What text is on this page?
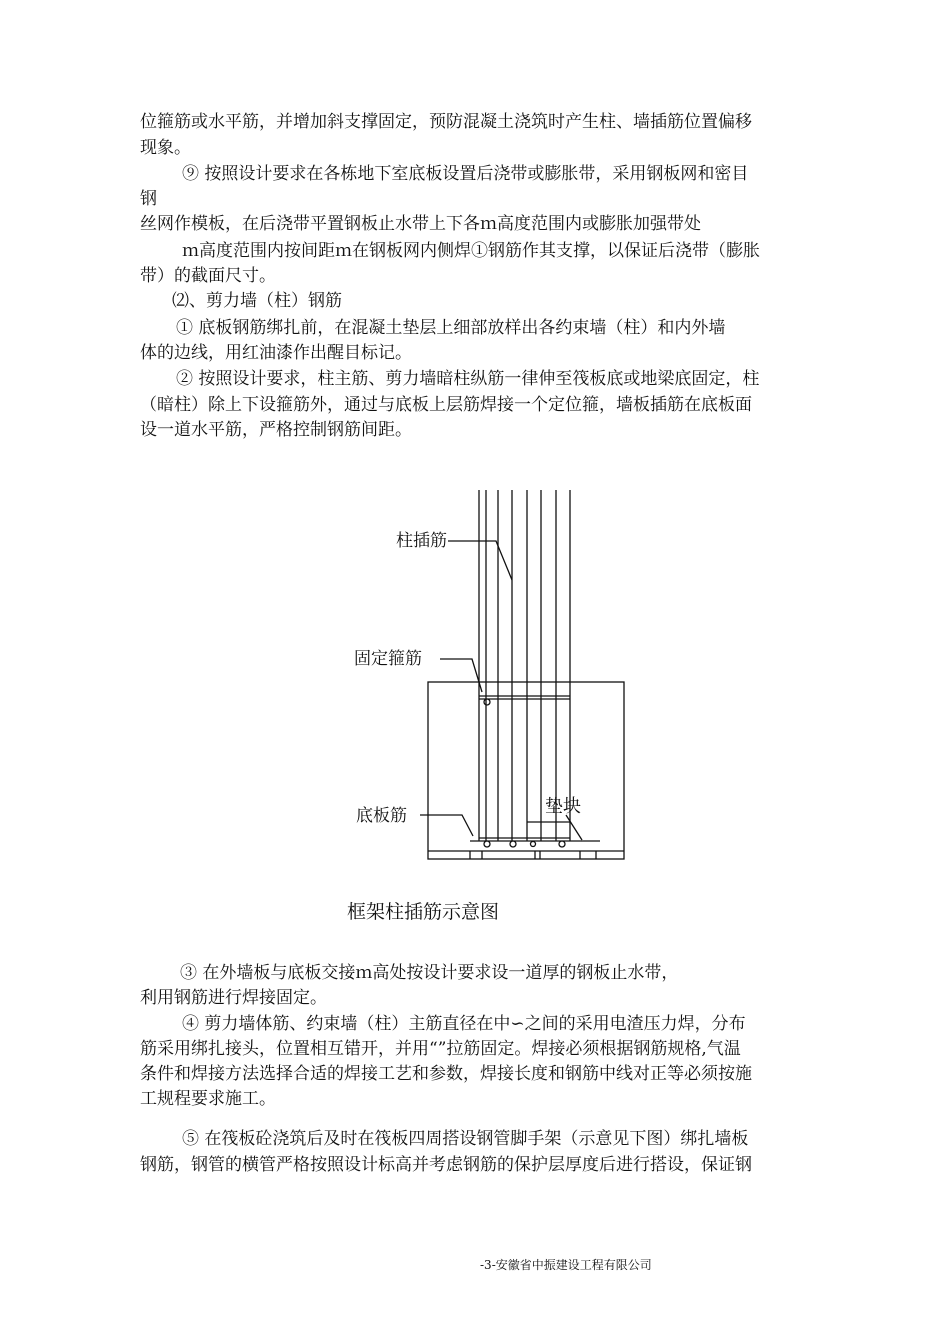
位箍筋或水平筋，并增加斜支撑固定，预防混凝土浇筑时产生柱、墙插筋位置偏移
现象。
⑨ 按照设计要求在各栋地下室底板设置后浇带或膨胀带，采用钢板网和密目
钢
丝网作模板，在后浇带平置钢板止水带上下各ｍ高度范围内或膨胀加强带处
ｍ高度范围内按间距ｍ在钢板网内侧焊①钢筋作其支撑，以保证后浇带（膨胀
带）的截面尺寸。
⑵、剪力墙（柱）钢筋
① 底板钢筋绑扎前，在混凝土垫层上细部放样出各约束墙（柱）和内外墙
体的边线，用红油漆作出醒目标记。
② 按照设计要求，柱主筋、剪力墙暗柱纵筋一律伸至筏板底或地梁底固定，柱
（暗柱）除上下设箍筋外，通过与底板上层筋焊接一个定位箍，墙板插筋在底板面
设一道水平筋，严格控制钢筋间距。
柱插筋
固定箍筋
底板筋	垫块
框架柱插筋示意图
③ 在外墙板与底板交接ｍ高处按设计要求设一道厚的钢板止水带，
利用钢筋进行焊接固定。
④ 剪力墙体筋、约束墙（柱）主筋直径在中∽之间的采用电渣压力焊，分布
筋采用绑扎接头，位置相互错开，并用“”拉筋固定。焊接必须根据钢筋规格,气温
条件和焊接方法选择合适的焊接工艺和参数，焊接长度和钢筋中线对正等必须按施
工规程要求施工。
⑤ 在筏板砼浇筑后及时在筏板四周搭设钢管脚手架（示意见下图）绑扎墙板
钢筋，钢管的横管严格按照设计标高并考虑钢筋的保护层厚度后进行搭设，保证钢
-3-安徽省中振建设工程有限公司
